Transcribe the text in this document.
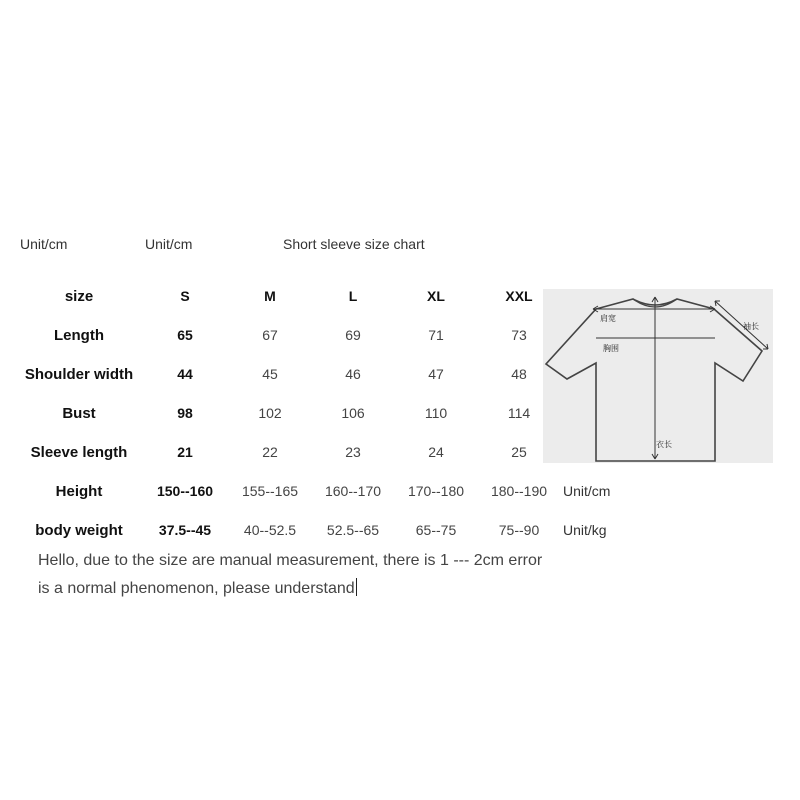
Unit/cm	Unit/cm	Short sleeve size chart
size	S	M	L	XL	XXL
Length	65	67	69	71	73
Shoulder width	44	45	46	47	48
Bust	98	102	106	110	114
Sleeve length	21	22	23	24	25
Height	150--160	155--165	160--170	170--180	180--190	Unit/cm
body weight	37.5--45	40--52.5	52.5--65	65--75	75--90	Unit/kg
肩宽
袖长
胸围
衣长
Hello, due to the size are manual measurement, there is 1 --- 2cm error
is a normal phenomenon, please understand
